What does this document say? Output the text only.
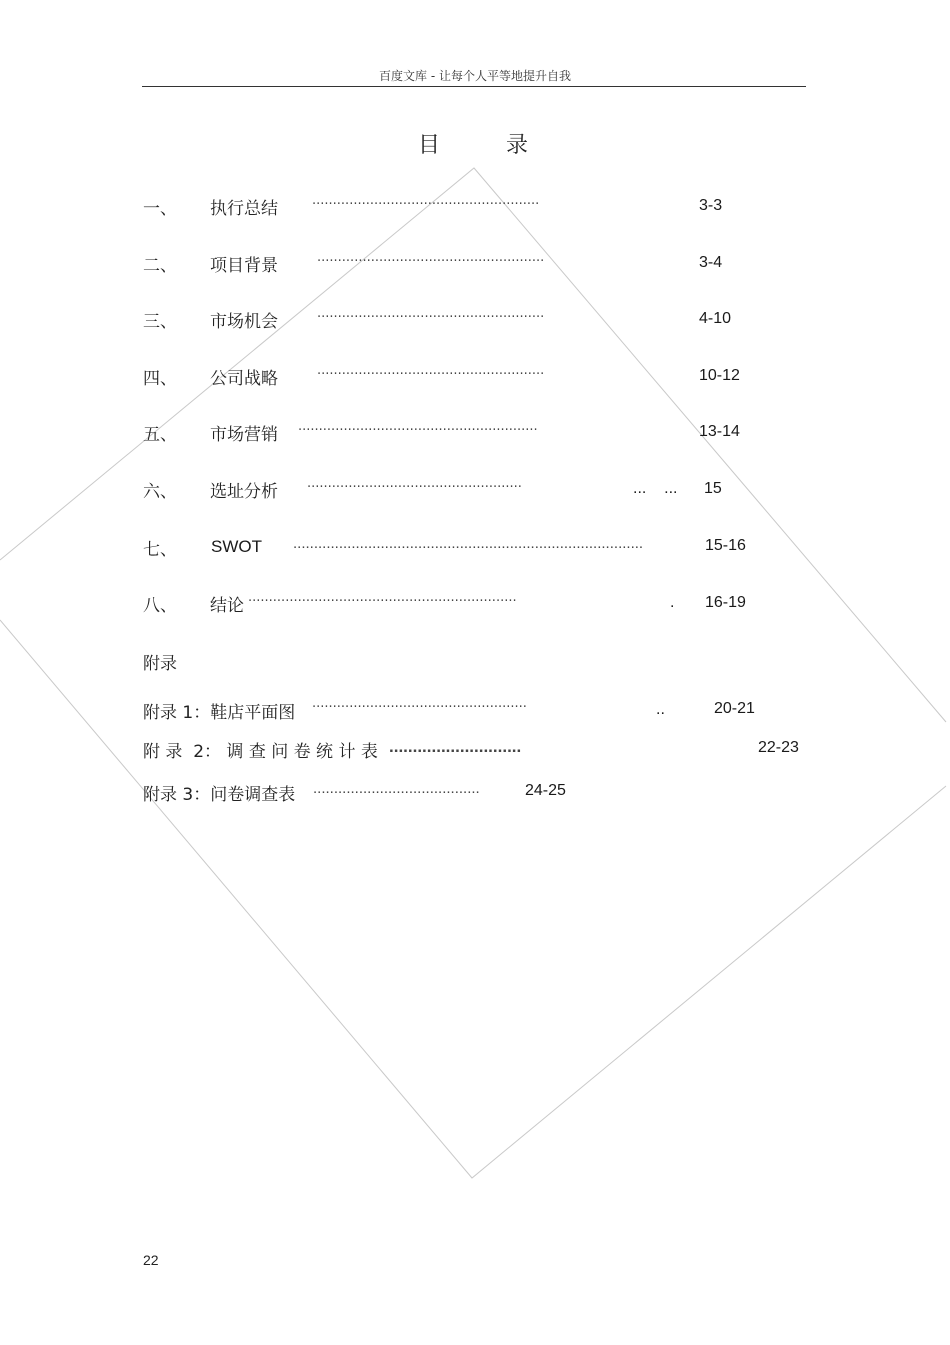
百度文库 - 让每个人平等地提升自我
目	录
一、 执行总结	·······················································	3-3
二、 项目背景	·······················································	3-4
三、 市场机会	·······················································	4-10
四、 公司战略	·······················································	10-12
五、 市场营销 ··························································	13-14
六、 选址分析 ····················································	...    ... 15
七、 SWOT ....................................................................................	15-16
八、 结论 ·································································	. 16-19
附录
附录 1：鞋店平面图 ····················································	..	20-21
附 录  2： 调 查 问 卷 统 计 表 ............................	22-23
附录 3：问卷调查表 ........................................	24-25
22
